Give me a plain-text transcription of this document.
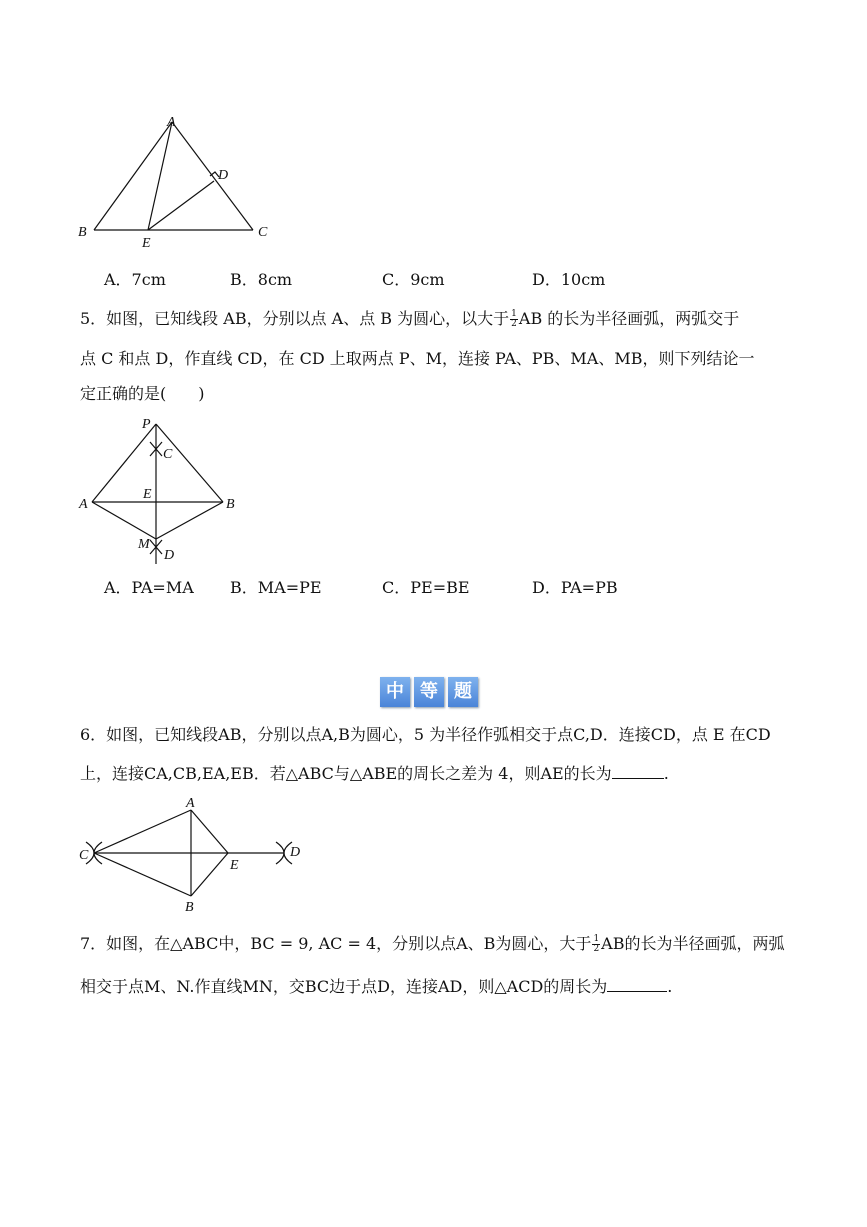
A
B	C
D
E
A．7cm	B．8cm	C．9cm	D．10cm
5．如图，已知线段 AB，分别以点 A、点 B 为圆心，以大于 $\frac{1}{2}$ AB 的长为半径画弧，两弧交于
点 C 和点 D，作直线 CD，在 CD 上取两点 P、M，连接 PA、PB、MA、MB，则下列结论一
定正确的是(　　)
P
C
A
E
B
M
D
A．PA=MA B．MA=PE	C．PE=BE	D．PA=PB
中 等 题
6．如图，已知线段AB，分别以点A,B为圆心，5 为半径作弧相交于点C,D．连接CD，点 E 在CD
上，连接CA,CB,EA,EB．若△ABC与△ABE的周长之差为 4，则AE的长为	.
A
C
E
D
B
7．如图，在△ABC中，BC = 9, AC = 4，分别以点A、B为圆心，大于 $\frac{1}{2}$ AB的长为半径画弧，两弧
相交于点M、N.作直线MN，交BC边于点D，连接AD，则△ACD的周长为	.
